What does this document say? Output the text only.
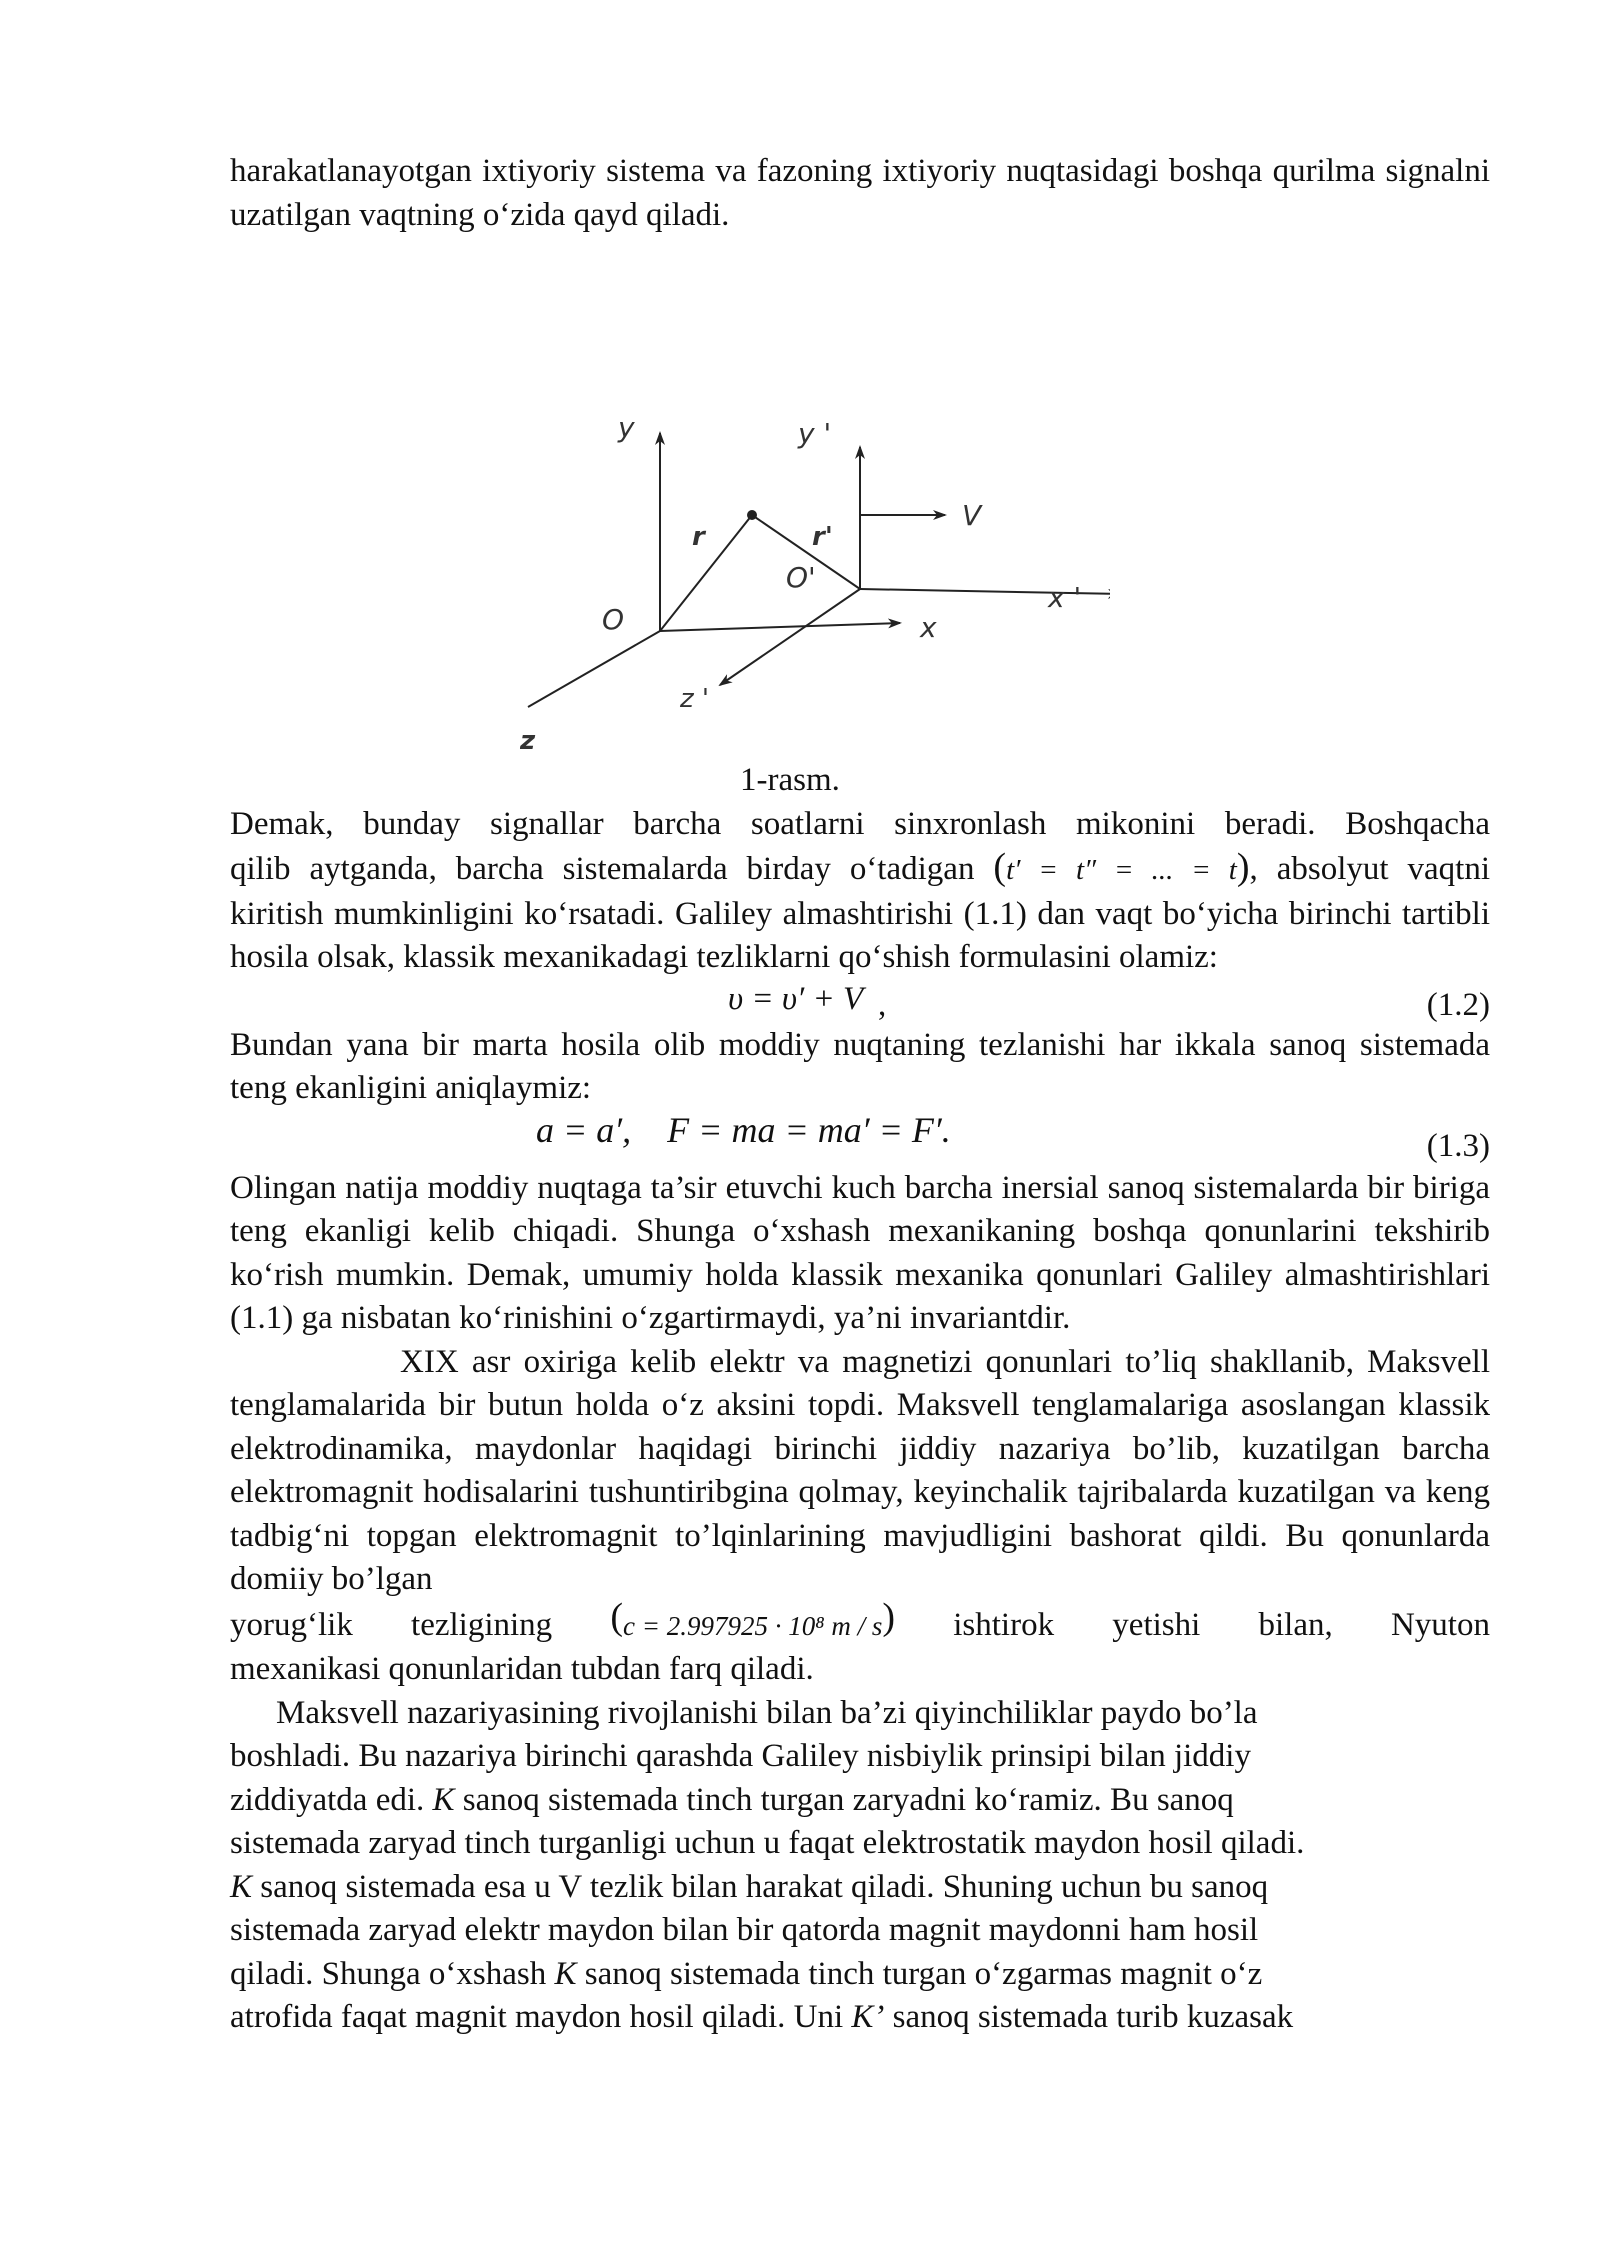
harakatlanayotgan ixtiyoriy sistema va fazoning ixtiyoriy nuqtasidagi boshqa qurilma signalni uzatilgan vaqtning o‘zida qayd qiladi.

y	y '
V
r	r'
O'
x '
O	x
z '
z

1-rasm.

Demak, bunday signallar barcha soatlarni sinxronlash mikonini beradi. Boshqacha

qilib aytganda, barcha sistemalarda birday o‘tadigan (t′ = t″ = ... = t), absolyut vaqtni

kiritish mumkinligini ko‘rsatadi. Galiley almashtirishi (1.1) dan vaqt bo‘yicha birinchi tartibli hosila olsak, klassik mexanikadagi tezliklarni qo‘shish formulasini olamiz:

υ = υ′ + V ,	(1.2)

Bundan yana bir marta hosila olib moddiy nuqtaning tezlanishi har ikkala sanoq sistemada teng ekanligini aniqlaymiz:

a = a′,    F = ma = ma′ = F′.	(1.3)

Olingan natija moddiy nuqtaga ta’sir etuvchi kuch barcha inersial sanoq sistemalarda bir biriga teng ekanligi kelib chiqadi. Shunga o‘xshash mexanikaning boshqa qonunlarini tekshirib ko‘rish mumkin. Demak, umumiy holda klassik mexanika qonunlari Galiley almashtirishlari (1.1) ga nisbatan ko‘rinishini o‘zgartirmaydi, ya’ni invariantdir.

XIX asr oxiriga kelib elektr va magnetizi qonunlari to’liq shakllanib, Maksvell tenglamalarida bir butun holda o‘z aksini topdi. Maksvell tenglamalariga asoslangan klassik elektrodinamika, maydonlar haqidagi birinchi jiddiy nazariya bo’lib, kuzatilgan barcha elektromagnit hodisalarini tushuntiribgina qolmay, keyinchalik tajribalarda kuzatilgan va keng tadbig‘ni topgan elektromagnit to’lqinlarining mavjudligini bashorat qildi. Bu qonunlarda domiiy bo’lgan

yorug‘lik tezligining (c = 2.997925 · 10⁸ m / s) ishtirok yetishi bilan, Nyuton

mexanikasi qonunlaridan tubdan farq qiladi.

Maksvell nazariyasining rivojlanishi bilan ba’zi qiyinchiliklar paydo bo’la

boshladi. Bu nazariya birinchi qarashda Galiley nisbiylik prinsipi bilan jiddiy

ziddiyatda edi. K sanoq sistemada tinch turgan zaryadni ko‘ramiz. Bu sanoq

sistemada zaryad tinch turganligi uchun u faqat elektrostatik maydon hosil qiladi.

K sanoq sistemada esa u V tezlik bilan harakat qiladi. Shuning uchun bu sanoq

sistemada zaryad elektr maydon bilan bir qatorda magnit maydonni ham hosil

qiladi. Shunga o‘xshash K sanoq sistemada tinch turgan o‘zgarmas magnit o‘z

atrofida faqat magnit maydon hosil qiladi. Uni K’ sanoq sistemada turib kuzasak
